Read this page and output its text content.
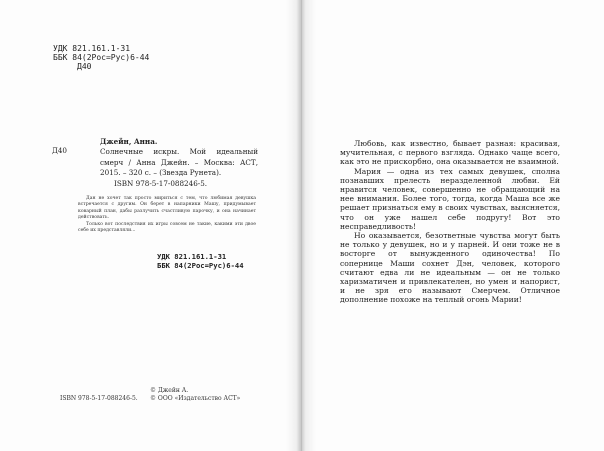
УДК 821.161.1-31
ББК 84(2Рос=Рус)6-44
Д40
Д40
Джейн, Анна.
Солнечные искры. Мой идеальный смерч / Анна Джейн. – Москва: АСТ, 2015. – 320 с. – (Звезда Рунета).
ISBN 978-5-17-088246-5.

Дан не хочет так просто мириться с тем, что любимая девушка встречается с другим. Он берет в напарники Машу, придумывает коварный план, дабы разлучить счастливую парочку, и она начинает действовать.

Только вот последствия их игры совсем не такие, какими эти двое себе их представляли...

УДК 821.161.1-31
ББК 84(2Рос=Рус)6-44
© Джейн А.
© ООО «Издательство АСТ»
ISBN 978-5-17-088246-5.

Любовь, как известно, бывает разная: красивая, мучительная, с первого взгляда. Однако чаще всего, как это не прискорбно, она оказывается не взаимной.

Мария — одна из тех самых девушек, сполна познавших прелесть неразделенной любви. Ей нравится человек, совершенно не обращающий на нее внимания. Более того, тогда, когда Маша все же решает признаться ему в своих чувствах, выясняется, что он уже нашел себе подругу! Вот это несправедливость!

Но оказывается, безответные чувства могут быть не только у девушек, но и у парней. И они тоже не в восторге от вынужденного одиночества! По сопернице Маши сохнет Дэн, человек, которого считают едва ли не идеальным — он не только харизматичен и привлекателен, но умен и напорист, и не зря его называют Смерчем. Отличное дополнение похоже на теплый огонь Марии!
